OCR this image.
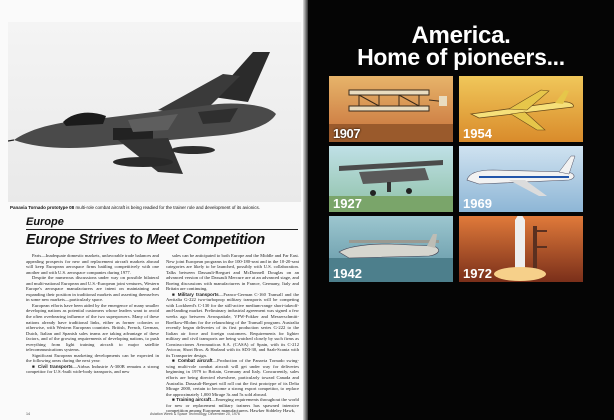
Panavia Tornado prototype 08 multi-role combat aircraft is being readied for the trainer role and development of its avionics.
Europe
Europe Strives to Meet Competition

Paris—Inadequate domestic markets, unfavorable trade balances and appealing prospects for new and replacement aircraft markets abroad will keep European aerospace firms battling competitively with one another and with U.S. aerospace companies during 1977.

Despite the numerous discussions under way on possible bilateral and multi-national European and U.S.-European joint ventures, Western Europe's aerospace manufacturers are intent on maintaining and expanding their position in traditional markets and asserting themselves in some new markets—particularly space.

European efforts have been aided by the emergence of many smaller developing nations as potential customers whose leaders want to avoid the often overbearing influence of the two superpowers. Many of these nations already have traditional links, either as former colonies or otherwise, with Western European countries. British, French, German, Dutch, Italian and Spanish sales teams are taking advantage of these factors, and of the growing requirements of developing nations, to push everything from light training aircraft to major satellite telecommunications systems.

Significant European marketing developments can be expected in the following areas during the next year:

■ Civil transports—Airbus Industrie A-300B remains a strong competitor for U.S.-built wide-body transports, and new

sales can be anticipated to both Europe and the Middle and Far East. New joint European programs in the 100-180-seat and in the 10-20-seat categories are likely to be launched, possibly with U.S. collaboration. Talks between Dassault-Breguet and McDonnell Douglas on an advanced version of the Dassault Mercure are at an advanced stage, and Boeing discussions with manufacturers in France, Germany, Italy and Britain are continuing.

■ Military transports—Franco-German C-160 Transall and the Aeritalia G-222 two-turboprop military transports will be competing with Lockheed's C-130 for the still-active medium-range short-takeoff-and-landing market. Preliminary industrial agreement was signed a few weeks ago between Aerospatiale, VFW-Fokker and Messerschmitt-Boelkow-Blohm for the relaunching of the Transall program. Australia recently began deliveries of its first production series G-222 to the Italian air force and foreign customers. Requirements for lighter military and civil transports are being watched closely by such firms as Construcciones Aeronauticas S.A. (CASA) of Spain, with its C-212 Aviocar, Short Bros. & Harland with its SD3-30, and Saab-Scania with its Transporter design.

■ Combat aircraft—Production of the Panavia Tornado swing-wing multi-role combat aircraft will get under way for deliveries beginning in 1979 to Britain, Germany and Italy. Concurrently, sales efforts are being directed elsewhere, particularly toward Canada and Australia. Dassault-Breguet will roll out the first prototype of its Delta Mirage 2000, certain to become a strong export competitor, to replace the approximately 1,000 Mirage 3s and 5s sold abroad.

■ Training aircraft—Emerging requirements throughout the world for new or replacement military trainers has spawned intensive competition among European manufacturers. Hawker Siddeley Hawk,

14	Aviation Week & Space Technology, December 20, 1976
America.
Home of pioneers...
1907	1954
1927	1969
1942	1972
